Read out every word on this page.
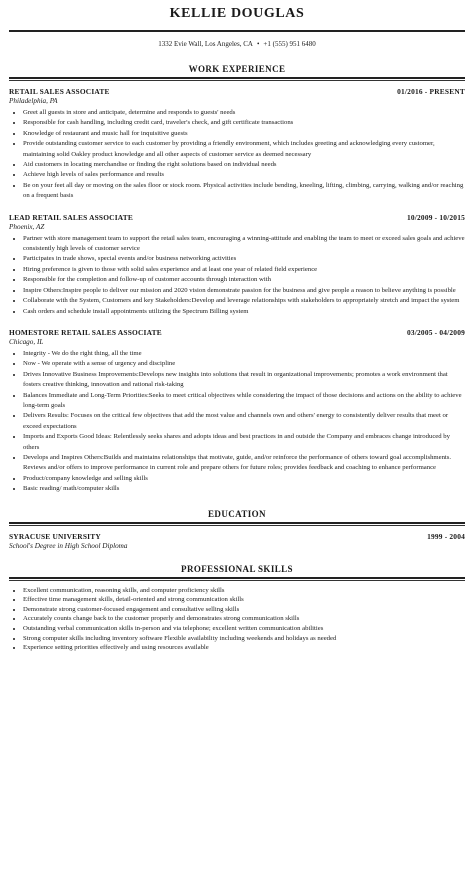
KELLIE DOUGLAS
1332 Evie Wall, Los Angeles, CA • +1 (555) 951 6480
WORK EXPERIENCE
RETAIL SALES ASSOCIATE	01/2016 - PRESENT
Philadelphia, PA
• Greet all guests in store and anticipate, determine and responds to guests' needs
• Responsible for cash handling, including credit card, traveler's check, and gift certificate transactions
• Knowledge of restaurant and music hall for inquisitive guests
• Provide outstanding customer service to each customer by providing a friendly environment, which includes greeting and acknowledging every customer, maintaining solid Oakley product knowledge and all other aspects of customer service as deemed necessary
• Aid customers in locating merchandise or finding the right solutions based on individual needs
• Achieve high levels of sales performance and results
• Be on your feet all day or moving on the sales floor or stock room. Physical activities include bending, kneeling, lifting, climbing, carrying, walking and/or reaching on a frequent basis
LEAD RETAIL SALES ASSOCIATE	10/2009 - 10/2015
Phoenix, AZ
• Partner with store management team to support the retail sales team, encouraging a winning-attitude and enabling the team to meet or exceed sales goals and achieve consistently high levels of customer service
• Participates in trade shows, special events and/or business networking activities
• Hiring preference is given to those with solid sales experience and at least one year of related field experience
• Responsible for the completion and follow-up of customer accounts through interaction with
• Inspire Others:Inspire people to deliver our mission and 2020 vision demonstrate passion for the business and give people a reason to believe anything is possible
• Collaborate with the System, Customers and key Stakeholders:Develop and leverage relationships with stakeholders to appropriately stretch and impact the system
• Cash orders and schedule install appointments utilizing the Spectrum Billing system
HOMESTORE RETAIL SALES ASSOCIATE	03/2005 - 04/2009
Chicago, IL
• Integrity - We do the right thing, all the time
• Now - We operate with a sense of urgency and discipline
• Drives Innovative Business Improvements:Develops new insights into solutions that result in organizational improvements; promotes a work environment that fosters creative thinking, innovation and rational risk-taking
• Balances Immediate and Long-Term Priorities:Seeks to meet critical objectives while considering the impact of those decisions and actions on the ability to achieve long-term goals
• Delivers Results: Focuses on the critical few objectives that add the most value and channels own and others' energy to consistently deliver results that meet or exceed expectations
• Imports and Exports Good Ideas: Relentlessly seeks shares and adopts ideas and best practices in and outside the Company and embraces change introduced by others
• Develops and Inspires Others:Builds and maintains relationships that motivate, guide, and/or reinforce the performance of others toward goal accomplishments. Reviews and/or offers to improve performance in current role and prepare others for future roles; provides feedback and coaching to enhance performance
• Product/company knowledge and selling skills
• Basic reading/ math/computer skills
EDUCATION
SYRACUSE UNIVERSITY	1999 - 2004
School's Degree in High School Diploma
PROFESSIONAL SKILLS
• Excellent communication, reasoning skills, and computer proficiency skills
• Effective time management skills, detail-oriented and strong communication skills
• Demonstrate strong customer-focused engagement and consultative selling skills
• Accurately counts change back to the customer properly and demonstrates strong communication skills
• Outstanding verbal communication skills in-person and via telephone; excellent written communication abilities
• Strong computer skills including inventory software Flexible availability including weekends and holidays as needed
• Experience setting priorities effectively and using resources available
